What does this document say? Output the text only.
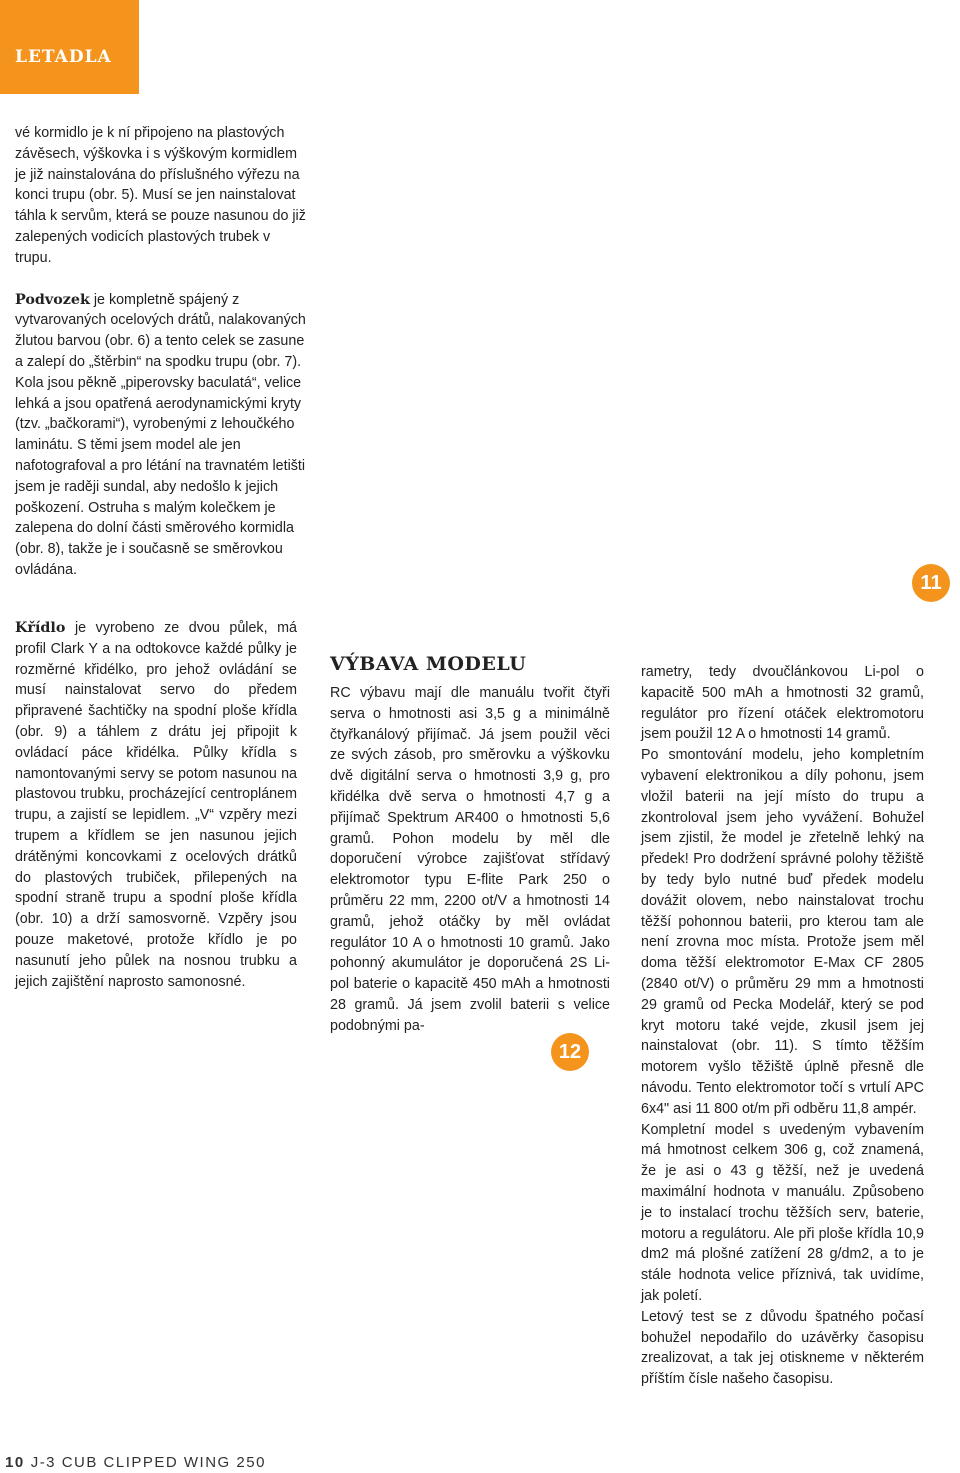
LETADLA

vé kormidlo je k ní připojeno na plastových závěsech, výškovka i s výškovým kormidlem je již nainstalována do příslušného výřezu na konci trupu (obr. 5). Musí se jen nainstalovat táhla k servům, která se pouze nasunou do již zalepených vodicích plastových trubek v trupu.

Podvozek je kompletně spájený z vytvarovaných ocelových drátů, nalakovaných žlutou barvou (obr. 6) a tento celek se zasune a zalepí do „štěrbin“ na spodku trupu (obr. 7). Kola jsou pěkně „piperovsky baculatá“, velice lehká a jsou opatřená aerodynamickými kryty (tzv. „bačkorami“), vyrobenými z lehoučkého laminátu. S těmi jsem model ale jen nafotografoval a pro létání na travnatém letišti jsem je raději sundal, aby nedošlo k jejich poškození. Ostruha s malým kolečkem je zalepena do dolní části směrového kormidla (obr. 8), takže je i současně se směrovkou ovládána.

Křídlo je vyrobeno ze dvou půlek, má profil Clark Y a na odtokovce každé půlky je rozměrné křidélko, pro jehož ovládání se musí nainstalovat servo do předem připravené šachtičky na spodní ploše křídla (obr. 9) a táhlem z drátu jej připojit k ovládací páce křidélka. Půlky křídla s namontovanými servy se potom nasunou na plastovou trubku, procházející centroplánem trupu, a zajistí se lepidlem. „V“ vzpěry mezi trupem a křídlem se jen nasunou jejich drátěnými koncovkami z ocelových drátků do plastových trubiček, přilepených na spodní straně trupu a spodní ploše křídla (obr. 10) a drží samosvorně. Vzpěry jsou pouze maketové, protože křídlo je po nasunutí jeho půlek na nosnou trubku a jejich zajištění naprosto samonosné.

11
VÝBAVA MODELU

RC výbavu mají dle manuálu tvořit čtyři serva o hmotnosti asi 3,5 g a minimálně čtyřkanálový přijímač. Já jsem použil věci ze svých zásob, pro směrovku a výškovku dvě digitální serva o hmotnosti 3,9 g, pro křidélka dvě serva o hmotnosti 4,7 g a přijímač Spektrum AR400 o hmotnosti 5,6 gramů. Pohon modelu by měl dle doporučení výrobce zajišťovat střídavý elektromotor typu E-flite Park 250 o průměru 22 mm, 2200 ot/V a hmotnosti 14 gramů, jehož otáčky by měl ovládat regulátor 10 A o hmotnosti 10 gramů. Jako pohonný akumulátor je doporučená 2S Li-pol baterie o kapacitě 450 mAh a hmotnosti 28 gramů. Já jsem zvolil baterii s velice podobnými pa-

12

rametry, tedy dvoučlánkovou Li-pol o kapacitě 500 mAh a hmotnosti 32 gramů, regulátor pro řízení otáček elektromotoru jsem použil 12 A o hmotnosti 14 gramů.

Po smontování modelu, jeho kompletním vybavení elektronikou a díly pohonu, jsem vložil baterii na její místo do trupu a zkontroloval jsem jeho vyvážení. Bohužel jsem zjistil, že model je zřetelně lehký na předek! Pro dodržení správné polohy těžiště by tedy bylo nutné buď předek modelu dovážit olovem, nebo nainstalovat trochu těžší pohonnou baterii, pro kterou tam ale není zrovna moc místa. Protože jsem měl doma těžší elektromotor E-Max CF 2805 (2840 ot/V) o průměru 29 mm a hmotnosti 29 gramů od Pecka Modelář, který se pod kryt motoru také vejde, zkusil jsem jej nainstalovat (obr. 11). S tímto těžším motorem vyšlo těžiště úplně přesně dle návodu. Tento elektromotor točí s vrtulí APC 6x4" asi 11 800 ot/m při odběru 11,8 ampér.

Kompletní model s uvedeným vybavením má hmotnost celkem 306 g, což znamená, že je asi o 43 g těžší, než je uvedená maximální hodnota v manuálu. Způsobeno je to instalací trochu těžších serv, baterie, motoru a regulátoru. Ale při ploše křídla 10,9 dm2 má plošné zatížení 28 g/dm2, a to je stále hodnota velice příznivá, tak uvidíme, jak poletí.

Letový test se z důvodu špatného počasí bohužel nepodařilo do uzávěrky časopisu zrealizovat, a tak jej otiskneme v některém příštím čísle našeho časopisu.

10 J-3 CUB CLIPPED WING 250
